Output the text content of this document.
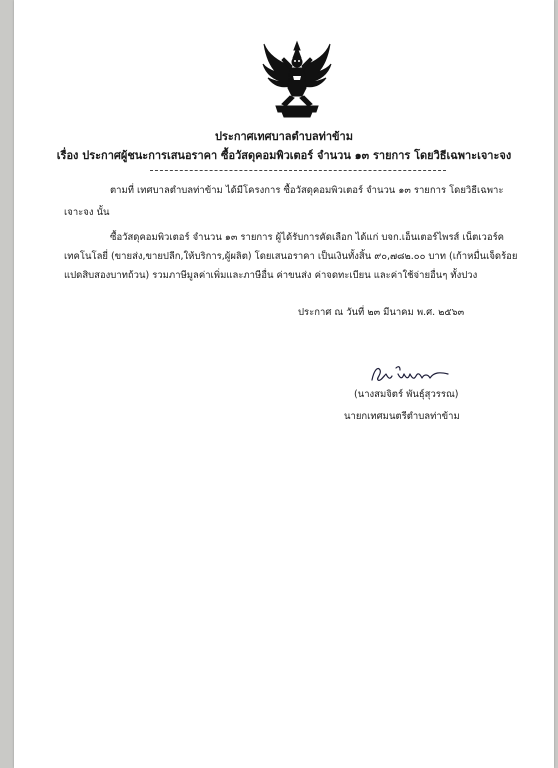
ประกาศเทศบาลตำบลท่าข้าม
เรื่อง ประกาศผู้ชนะการเสนอราคา ซื้อวัสดุคอมพิวเตอร์ จำนวน ๑๓ รายการ โดยวิธีเฉพาะเจาะจง
ตามที่ เทศบาลตำบลท่าข้าม ได้มีโครงการ ซื้อวัสดุคอมพิวเตอร์ จำนวน ๑๓ รายการ โดยวิธีเฉพาะ
เจาะจง นั้น
ซื้อวัสดุคอมพิวเตอร์ จำนวน ๑๓ รายการ ผู้ได้รับการคัดเลือก ได้แก่ บจก.เอ็นเตอร์ไพรส์ เน็ตเวอร์ค
เทคโนโลยี่ (ขายส่ง,ขายปลีก,ให้บริการ,ผู้ผลิต) โดยเสนอราคา เป็นเงินทั้งสิ้น ๙๐,๗๘๒.๐๐ บาท (เก้าหมื่นเจ็ดร้อย
แปดสิบสองบาทถ้วน) รวมภาษีมูลค่าเพิ่มและภาษีอื่น ค่าขนส่ง ค่าจดทะเบียน และค่าใช้จ่ายอื่นๆ ทั้งปวง
ประกาศ ณ วันที่ ๒๓ มีนาคม พ.ศ. ๒๕๖๓
(นางสมจิตร์ พันธุ์สุวรรณ)
นายกเทศมนตรีตำบลท่าข้าม
